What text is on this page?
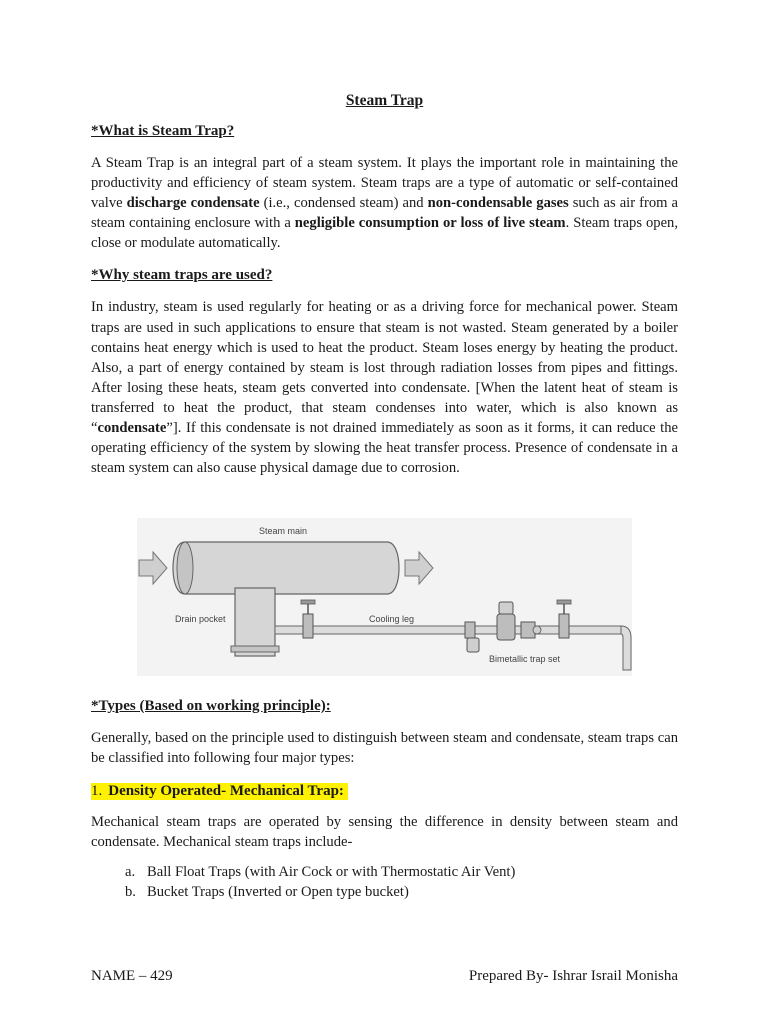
Steam Trap
*What is Steam Trap?

A Steam Trap is an integral part of a steam system. It plays the important role in maintaining the productivity and efficiency of steam system. Steam traps are a type of automatic or self-contained valve discharge condensate (i.e., condensed steam) and non-condensable gases such as air from a steam containing enclosure with a negligible consumption or loss of live steam. Steam traps open, close or modulate automatically.

*Why steam traps are used?

In industry, steam is used regularly for heating or as a driving force for mechanical power. Steam traps are used in such applications to ensure that steam is not wasted. Steam generated by a boiler contains heat energy which is used to heat the product. Steam loses energy by heating the product. Also, a part of energy contained by steam is lost through radiation losses from pipes and fittings. After losing these heats, steam gets converted into condensate. [When the latent heat of steam is transferred to heat the product, that steam condenses into water, which is also known as “condensate”]. If this condensate is not drained immediately as soon as it forms, it can reduce the operating efficiency of the system by slowing the heat transfer process. Presence of condensate in a steam system can also cause physical damage due to corrosion.

Steam main
Drain pocket	Cooling leg
Bimetallic trap set
*Types (Based on working principle):

Generally, based on the principle used to distinguish between steam and condensate, steam traps can be classified into following four major types:

1. Density Operated- Mechanical Trap:

Mechanical steam traps are operated by sensing the difference in density between steam and condensate. Mechanical steam traps include-

a. Ball Float Traps (with Air Cock or with Thermostatic Air Vent)
b. Bucket Traps (Inverted or Open type bucket)
NAME – 429	Prepared By- Ishrar Israil Monisha
